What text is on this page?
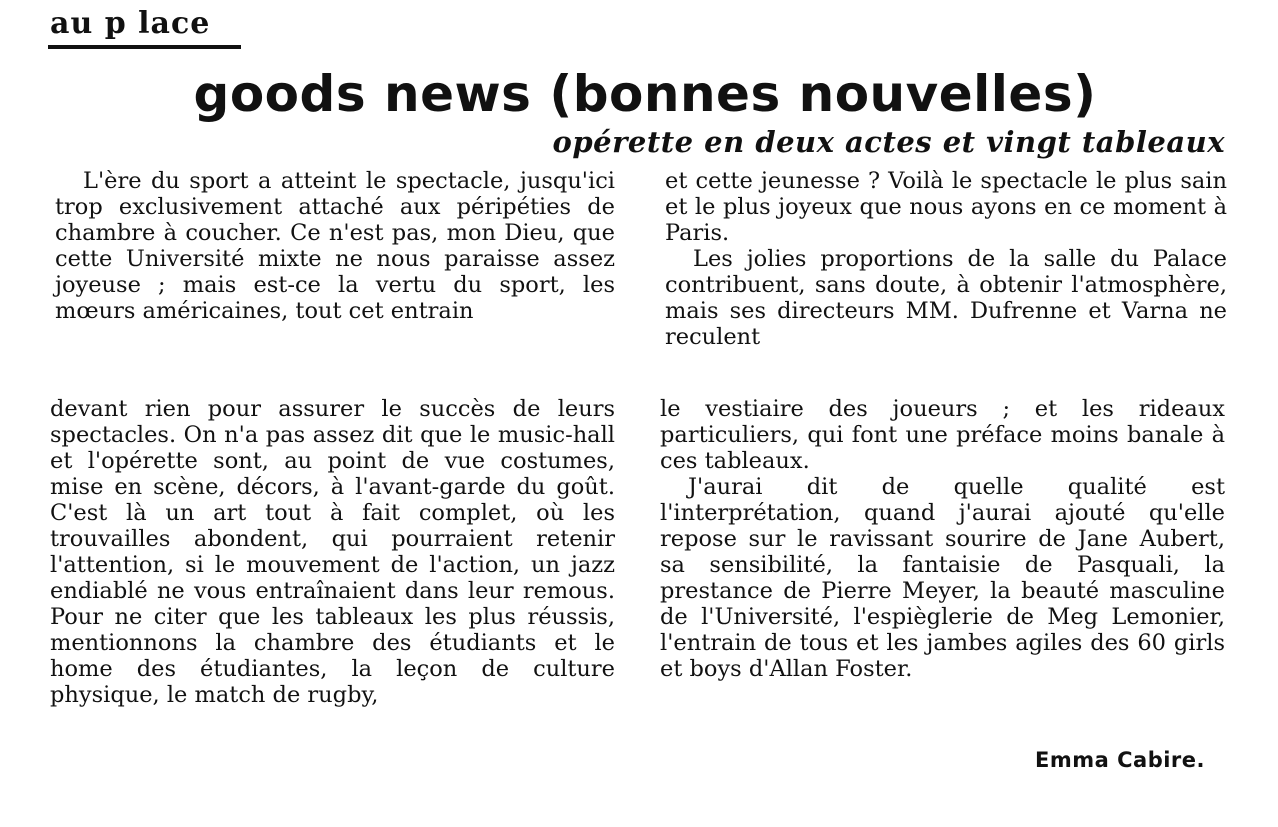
au p lace
goods news (bonnes nouvelles)
opérette en deux actes et vingt tableaux

L'ère du sport a atteint le spectacle, jusqu'ici trop exclusivement attaché aux péripéties de chambre à coucher. Ce n'est pas, mon Dieu, que cette Université mixte ne nous paraisse assez joyeuse ; mais est-ce la vertu du sport, les mœurs américaines, tout cet entrain

et cette jeunesse ? Voilà le spectacle le plus sain et le plus joyeux que nous ayons en ce moment à Paris.

Les jolies proportions de la salle du Palace contribuent, sans doute, à obtenir l'atmosphère, mais ses directeurs MM. Dufrenne et Varna ne reculent

devant rien pour assurer le succès de leurs spectacles. On n'a pas assez dit que le music-hall et l'opérette sont, au point de vue costumes, mise en scène, décors, à l'avant-garde du goût. C'est là un art tout à fait complet, où les trouvailles abondent, qui pourraient retenir l'attention, si le mouvement de l'action, un jazz endiablé ne vous entraînaient dans leur remous. Pour ne citer que les tableaux les plus réussis, mentionnons la chambre des étudiants et le home des étudiantes, la leçon de culture physique, le match de rugby,

le vestiaire des joueurs ; et les rideaux particuliers, qui font une préface moins banale à ces tableaux.

J'aurai dit de quelle qualité est l'interprétation, quand j'aurai ajouté qu'elle repose sur le ravissant sourire de Jane Aubert, sa sensibilité, la fantaisie de Pasquali, la prestance de Pierre Meyer, la beauté masculine de l'Université, l'espièglerie de Meg Lemonier, l'entrain de tous et les jambes agiles des 60 girls et boys d'Allan Foster.

Emma Cabire.
